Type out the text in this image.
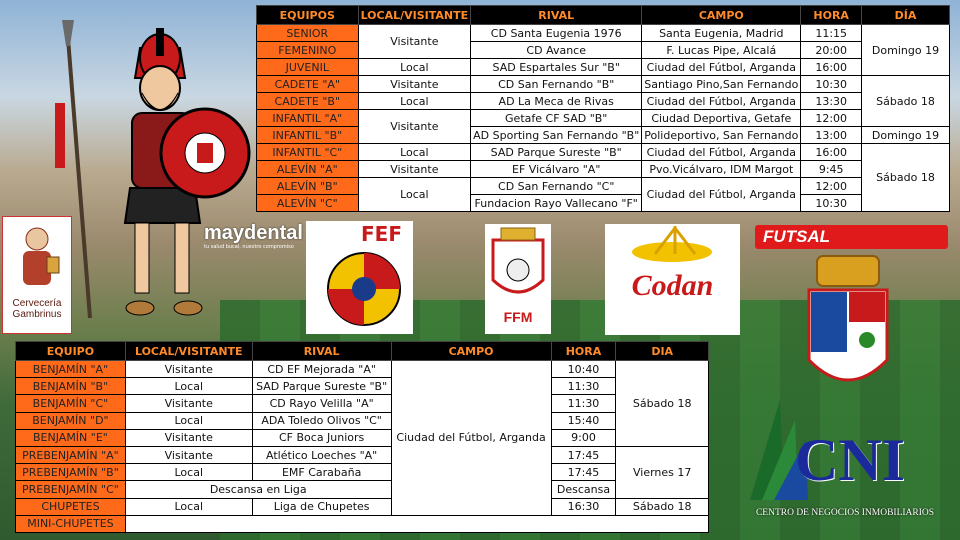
EQUIPOS	LOCAL/VISITANTE	RIVAL	CAMPO	HORA	DÍA
SENIOR	Visitante	CD Santa Eugenia 1976	Santa Eugenia, Madrid	11:15	Domingo 19
FEMENINO		CD Avance	F. Lucas Pipe, Alcalá	20:00	
JUVENIL	Local	SAD Espartales Sur "B"	Ciudad del Fútbol, Arganda	16:00	
CADETE "A"	Visitante	CD San Fernando "B"	Santiago Pino,San Fernando	10:30	Sábado 18
CADETE "B"	Local	AD La Meca de Rivas	Ciudad del Fútbol, Arganda	13:30	
INFANTIL "A"	Visitante	Getafe CF SAD "B"	Ciudad Deportiva, Getafe	12:00	
INFANTIL "B"		AD Sporting San Fernando "B"	Polideportivo, San Fernando	13:00	Domingo 19
INFANTIL "C"	Local	SAD Parque Sureste "B"	Ciudad del Fútbol, Arganda	16:00	Sábado 18
ALEVÍN "A"	Visitante	EF Vicálvaro "A"	Pvo.Vicálvaro, IDM Margot	9:45	
ALEVÍN "B"	Local	CD San Fernando "C"	Ciudad del Fútbol, Arganda	12:00	
ALEVÍN "C"		Fundacion Rayo Vallecano "F"		10:30	
Cervecería
Gambrinus
maydental
tu salud bucal, nuestro compromiso
FEF
FFM
Codan
FUTSAL
EQUIPO	LOCAL/VISITANTE	RIVAL	CAMPO	HORA	DIA
BENJAMÍN "A"	Visitante	CD EF Mejorada "A"	Ciudad del Fútbol, Arganda	10:40	Sábado 18
BENJAMÍN "B"	Local	SAD Parque Sureste "B"		11:30	
BENJAMÍN "C"	Visitante	CD Rayo Velilla "A"		11:30	
BENJAMÍN "D"	Local	ADA Toledo Olivos "C"		15:40	
BENJAMÍN "E"	Visitante	CF Boca Juniors		9:00	
PREBENJAMÍN "A"	Visitante	Atlético Loeches "A"		17:45	Viernes 17
PREBENJAMÍN "B"	Local	EMF Carabaña		17:45	
PREBENJAMÍN "C"	Descansa en Liga			Descansa	
CHUPETES	Local	Liga de Chupetes		16:30	Sábado 18
MINI-CHUPETES					
CNI
CENTRO DE NEGOCIOS INMOBILIARIOS
